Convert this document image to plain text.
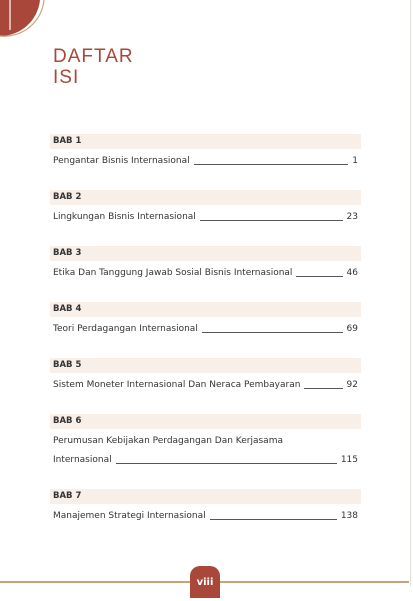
DAFTAR
ISI
BAB 1
Pengantar Bisnis Internasional	1
BAB 2
Lingkungan Bisnis Internasional	23
BAB 3
Etika Dan Tanggung Jawab Sosial Bisnis Internasional	46
BAB 4
Teori Perdagangan Internasional	69
BAB 5
Sistem Moneter Internasional Dan Neraca Pembayaran	92
BAB 6
Perumusan Kebijakan Perdagangan Dan Kerjasama
Internasional	115
BAB 7
Manajemen Strategi Internasional	138
viii
